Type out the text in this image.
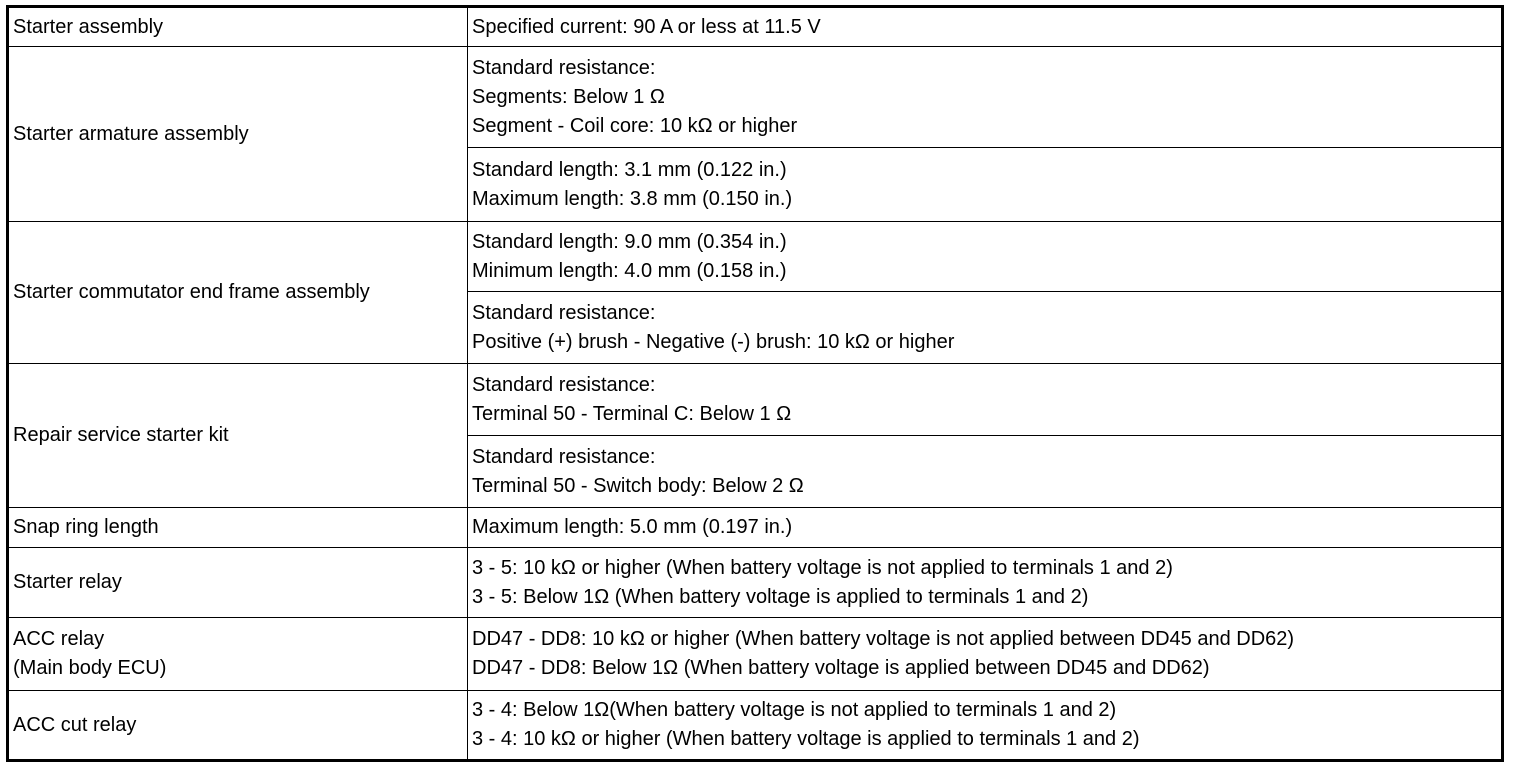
Starter assembly	Specified current: 90 A or less at 11.5 V

Starter armature assembly	Standard resistance:
Segments: Below 1 Ω
Segment - Coil core: 10 kΩ or higher

	Standard length: 3.1 mm (0.122 in.)
Maximum length: 3.8 mm (0.150 in.)

Starter commutator end frame assembly	Standard length: 9.0 mm (0.354 in.)
Minimum length: 4.0 mm (0.158 in.)

	Standard resistance:
Positive (+) brush - Negative (-) brush: 10 kΩ or higher

Repair service starter kit	Standard resistance:
Terminal 50 - Terminal C: Below 1 Ω

	Standard resistance:
Terminal 50 - Switch body: Below 2 Ω

Snap ring length	Maximum length: 5.0 mm (0.197 in.)

Starter relay	3 - 5: 10 kΩ or higher (When battery voltage is not applied to terminals 1 and 2)
3 - 5: Below 1Ω (When battery voltage is applied to terminals 1 and 2)

ACC relay
(Main body ECU)	DD47 - DD8: 10 kΩ or higher (When battery voltage is not applied between DD45 and DD62)
DD47 - DD8: Below 1Ω (When battery voltage is applied between DD45 and DD62)

ACC cut relay	3 - 4: Below 1Ω(When battery voltage is not applied to terminals 1 and 2)
3 - 4: 10 kΩ or higher (When battery voltage is applied to terminals 1 and 2)
